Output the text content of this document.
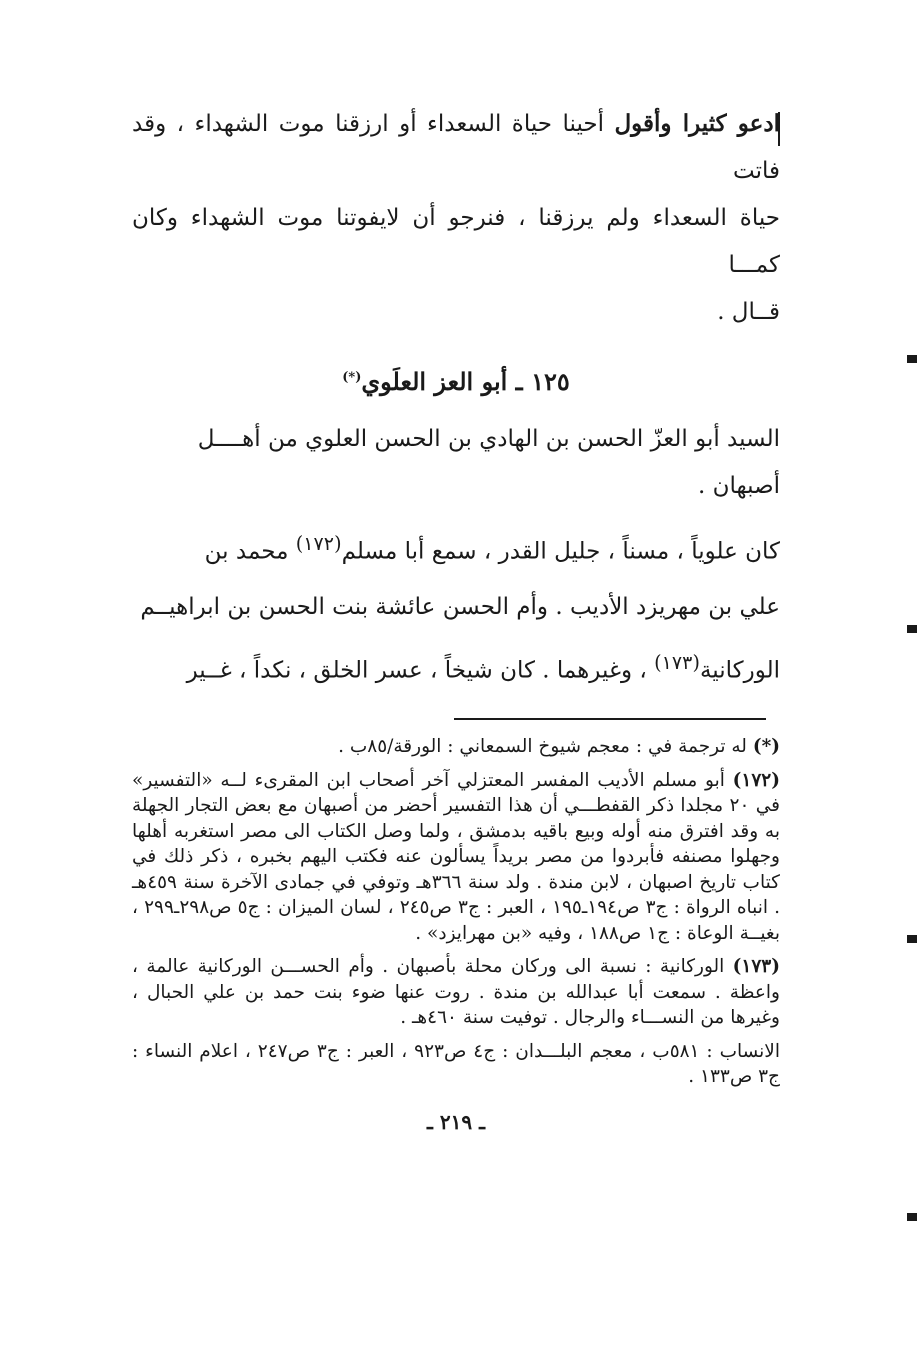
ادعو كثيرا وأقول أحينا حياة السعداء أو ارزقنا موت الشهداء ، وقد فاتت

حياة السعداء ولم يرزقنا ، فنرجو أن لايفوتنا موت الشهداء وكان كمـــا

قــال .

١٢٥ ـ أبو العز العلَوي(*)

السيد أبو العزّ الحسن بن الهادي بن الحسن العلوي من أهــــل

أصبهان .

كان علوياً ، مسناً ، جليل القدر ، سمع أبا مسلم$^{(١٧٢)}$ محمد بن

علي بن مهريزد الأديب . وأم الحسن عائشة بنت الحسن بن ابراهيــم

الوركانية$^{(١٧٣)}$ ، وغيرهما . كان شيخاً ، عسر الخلق ، نكداً ، غــير

(*) له ترجمة في : معجم شيوخ السمعاني : الورقة/٨٥ب .

(١٧٢) أبو مسلم الأديب المفسر المعتزلي آخر أصحاب ابن المقرىء لــه «التفسير» في ٢٠ مجلدا ذكر القفطـــي أن هذا التفسير أحضر من أصبهان مع بعض التجار الجهلة به وقد افترق منه أوله وبيع باقيه بدمشق ، ولما وصل الكتاب الى مصر استغربه أهلها وجهلوا مصنفه فأبردوا من مصر بريداً يسألون عنه فكتب اليهم بخبره ، ذكر ذلك في كتاب تاريخ اصبهان ، لابن مندة . ولد سنة ٣٦٦هـ وتوفي في جمادى الآخرة سنة ٤٥٩هـ . انباه الرواة : ج٣ ص١٩٤ـ١٩٥ ، العبر : ج٣ ص٢٤٥ ، لسان الميزان : ج٥ ص٢٩٨ـ٢٩٩ ، بغيــة الوعاة : ج١ ص١٨٨ ، وفيه «بن مهرايزد» .

(١٧٣) الوركانية : نسبة الى وركان محلة بأصبهان . وأم الحســـن الوركانية عالمة ، واعظة . سمعت أبا عبدالله بن مندة . روت عنها ضوء بنت حمد بن علي الحبال ، وغيرها من النســـاء والرجال . توفيت سنة ٤٦٠هـ .

الانساب : ٥٨١ب ، معجم البلـــدان : ج٤ ص٩٢٣ ، العبر : ج٣ ص٢٤٧ ، اعلام النساء : ج٣ ص١٣٣ .

ـ ٢١٩ ـ
